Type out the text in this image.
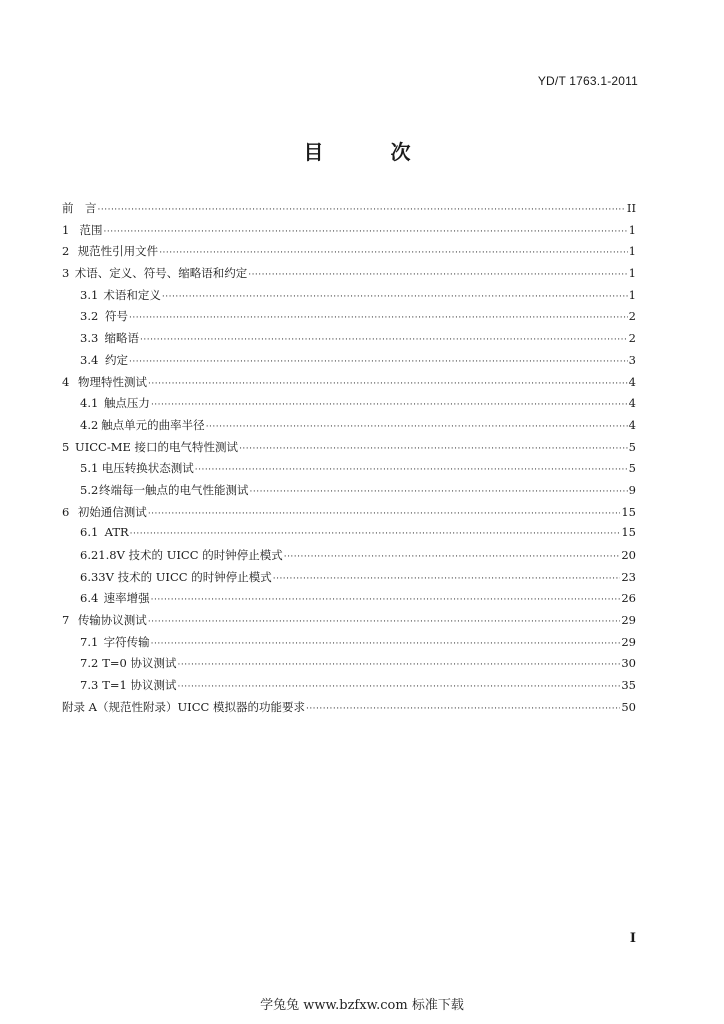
YD/T 1763.1-2011
目 次
前　言 ·····	II
1 范围 ·····	1
2 规范性引用文件 ·····	1
3 术语、定义、符号、缩略语和约定 ·····	1
3.1 术语和定义 ·····	1
3.2 符号 ·····	2
3.3 缩略语 ·····	2
3.4 约定 ·····	3
4 物理特性测试 ·····	4
4.1 触点压力 ·····	4
4.2 触点单元的曲率半径 ·····	4
5 UICC-ME 接口的电气特性测试 ·····	5
5.1 电压转换状态测试 ·····	5
5.2 终端每一触点的电气性能测试 ·····	9
6 初始通信测试 ·····	15
6.1 ATR ·····	15
6.2 1.8V 技术的 UICC 的时钟停止模式 ·····	20
6.3 3V 技术的 UICC 的时钟停止模式 ·····	23
6.4 速率增强 ·····	26
7 传输协议测试 ·····	29
7.1 字符传输 ·····	29
7.2 T=0 协议测试 ·····	30
7.3 T=1 协议测试 ·····	35
附录 A（规范性附录）UICC 模拟器的功能要求 ·····	50
I
学兔兔 www.bzfxw.com 标准下载
